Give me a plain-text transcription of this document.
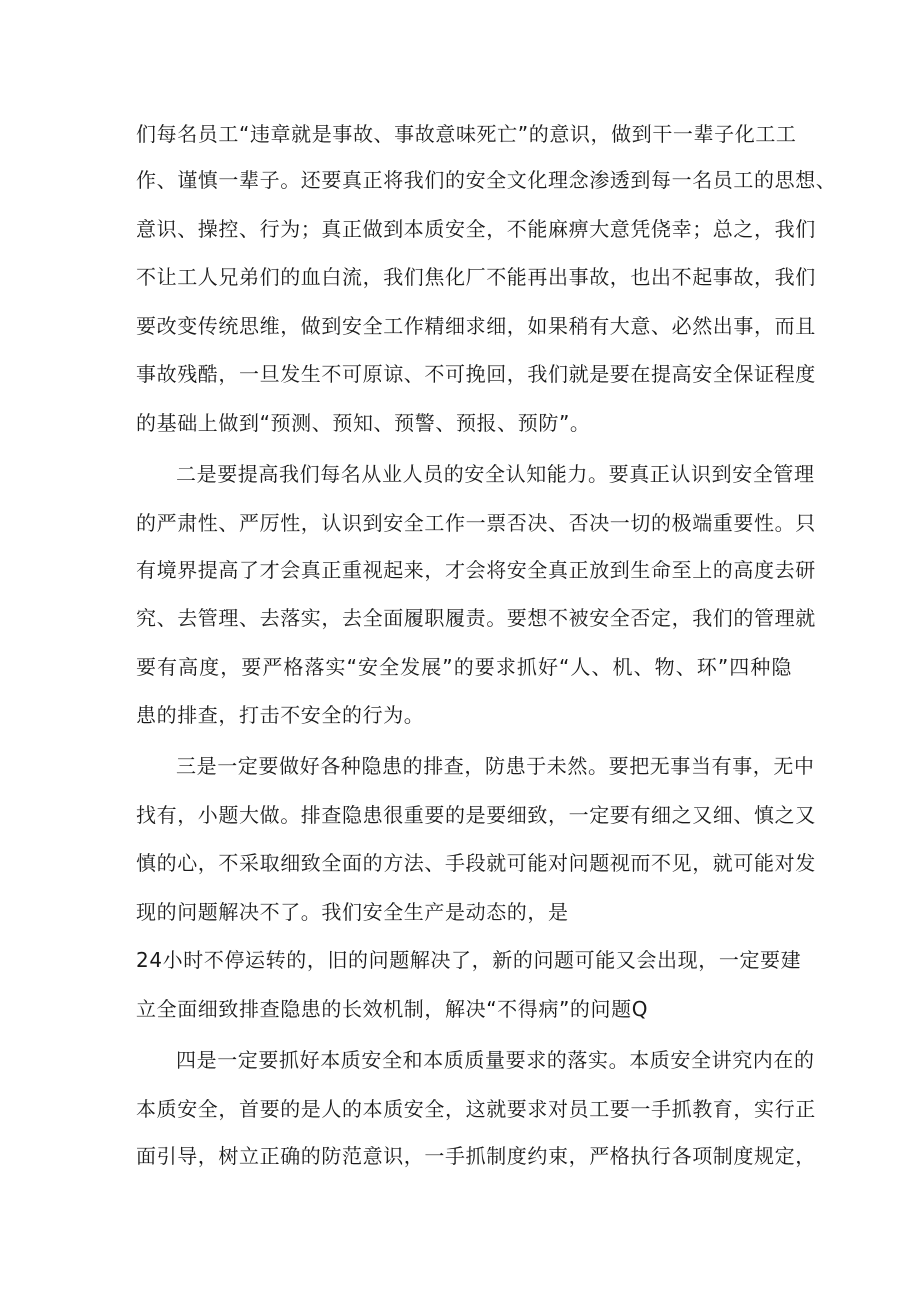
们每名员工“违章就是事故、事故意味死亡”的意识，做到干一辈子化工工
作、谨慎一辈子。还要真正将我们的安全文化理念渗透到每一名员工的思想、
意识、操控、行为；真正做到本质安全，不能麻痹大意凭侥幸；总之，我们
不让工人兄弟们的血白流，我们焦化厂不能再出事故，也出不起事故，我们
要改变传统思维，做到安全工作精细求细，如果稍有大意、必然出事，而且
事故残酷，一旦发生不可原谅、不可挽回，我们就是要在提高安全保证程度
的基础上做到“预测、预知、预警、预报、预防”。
二是要提高我们每名从业人员的安全认知能力。要真正认识到安全管理
的严肃性、严厉性，认识到安全工作一票否决、否决一切的极端重要性。只
有境界提高了才会真正重视起来，才会将安全真正放到生命至上的高度去研
究、去管理、去落实，去全面履职履责。要想不被安全否定，我们的管理就
要有高度，要严格落实“安全发展”的要求抓好“人、机、物、环”四种隐
患的排查，打击不安全的行为。
三是一定要做好各种隐患的排查，防患于未然。要把无事当有事，无中
找有，小题大做。排查隐患很重要的是要细致，一定要有细之又细、慎之又
慎的心，不采取细致全面的方法、手段就可能对问题视而不见，就可能对发
现的问题解决不了。我们安全生产是动态的，是
24小时不停运转的，旧的问题解决了，新的问题可能又会出现，一定要建
立全面细致排查隐患的长效机制，解决“不得病”的问题Q
四是一定要抓好本质安全和本质质量要求的落实。本质安全讲究内在的
本质安全，首要的是人的本质安全，这就要求对员工要一手抓教育，实行正
面引导，树立正确的防范意识，一手抓制度约束，严格执行各项制度规定，
